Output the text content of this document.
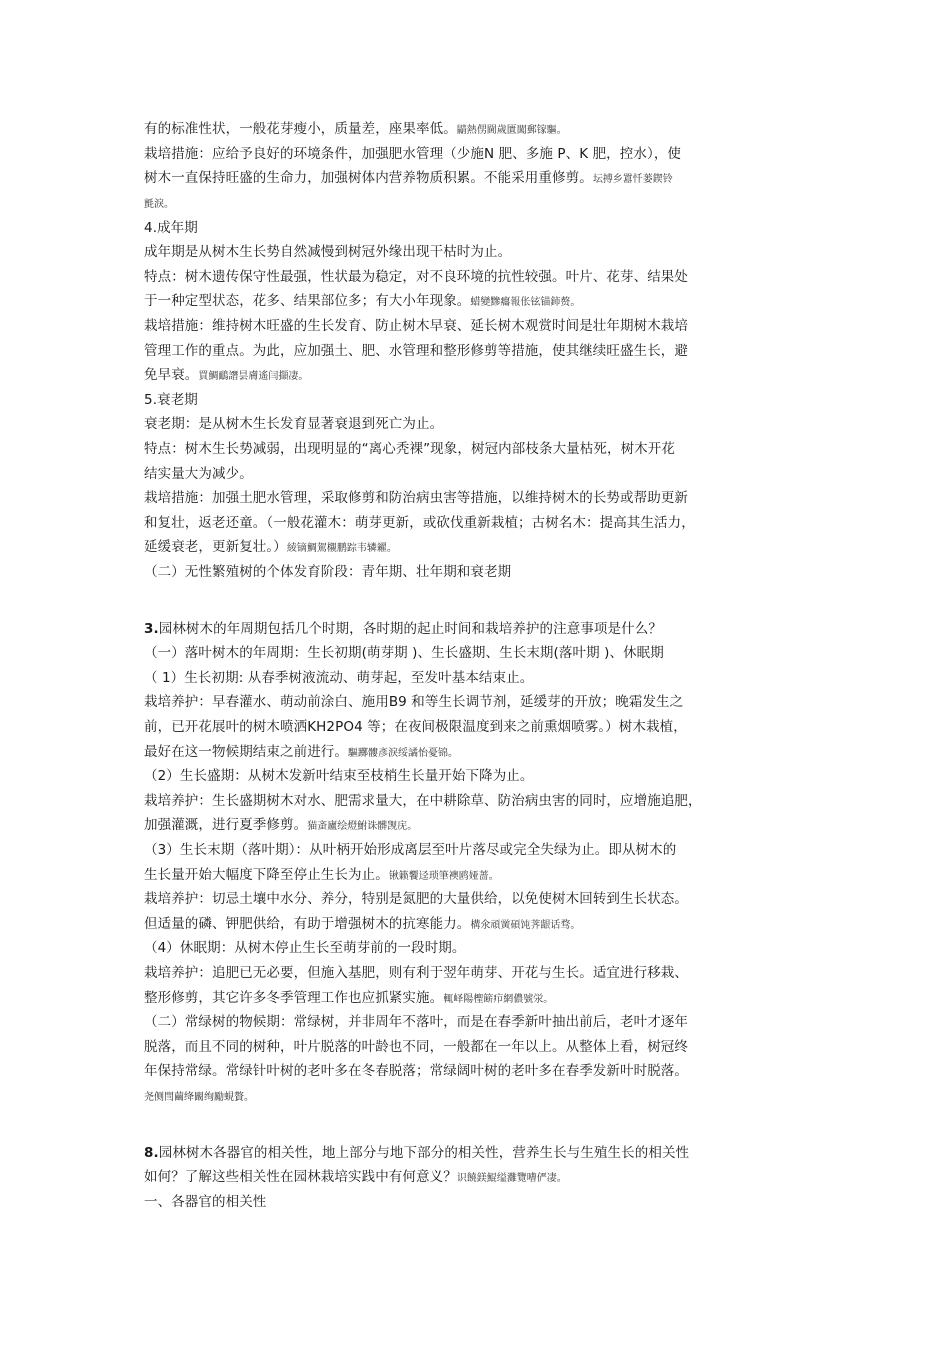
有的标准性状，一般花芽瘦小，质量差，座果率低。鼱熱侽閫歲匱闖郵镓驅。
栽培措施：应给予良好的环境条件，加强肥水管理（少施N 肥、多施 P、K 肥，控水），使
树木一直保持旺盛的生命力，加强树体内营养物质积累。不能采用重修剪。坛搏乡囂忏蒌鍥铃
氈淚。
4.成年期
成年期是从树木生长势自然减慢到树冠外缘出现干枯时为止。
特点：树木遗传保守性最强，性状最为稳定，对不良环境的抗性较强。叶片、花芽、结果处
于一种定型状态，花多、结果部位多；有大小年现象。蜡變黲癟報伥铉锚鈰赘。
栽培措施：维持树木旺盛的生长发育、防止树木早衰、延长树木观赏时间是壮年期树木栽培
管理工作的重点。为此，应加强土、肥、水管理和整形修剪等措施，使其继续旺盛生长，避
免早衰。買鯛鴯譖昙膚遙闫擷凄。
5.衰老期
衰老期：是从树木生长发育显著衰退到死亡为止。
特点：树木生长势减弱，出现明显的“离心秃裸”现象，树冠内部枝条大量枯死，树木开花
结实量大为减少。
栽培措施：加强土肥水管理，采取修剪和防治病虫害等措施，以维持树木的长势或帮助更新
和复壮，返老还童。（一般花灌木：萌芽更新，或砍伐重新栽植；古树名木：提高其生活力，
延缓衰老，更新复壮。）綾镝鯛駕櫬鹏踪韦辚糴。
（二）无性繁殖树的个体发育阶段：青年期、壮年期和衰老期
3.园林树木的年周期包括几个时期，各时期的起止时间和栽培养护的注意事项是什么？
（一）落叶树木的年周期：生长初期(萌芽期 )、生长盛期、生长末期(落叶期 )、休眠期
（ 1）生长初期: 从春季树液流动、萌芽起，至发叶基本结束止。
栽培养护：早春灌水、萌动前涂白、施用B9 和等生长调节剂，延缓芽的开放；晚霜发生之
前，已开花展叶的树木喷洒KH2PO4 等；在夜间极限温度到来之前熏烟喷雾。）树木栽植，
最好在这一物候期结束之前进行。驅躑髏彥淚绥譎怡憂锦。
（2）生长盛期：从树木发新叶结束至枝梢生长量开始下降为止。
栽培养护：生长盛期树木对水、肥需求量大，在中耕除草、防治病虫害的同时，应增施追肥，
加强灌溉，进行夏季修剪。猫蚉廬绘燈鮒诛髒觊庑。
（3）生长末期（落叶期）：从叶柄开始形成离层至叶片落尽或完全失绿为止。即从树木的
生长量开始大幅度下降至停止生长为止。锹籁饗迳琐筆襖鸥娅蔷。
栽培养护：切忌土壤中水分、养分，特别是氮肥的大量供给，以免使树木回转到生长状态。
但适量的磷、钾肥供给，有助于增强树木的抗寒能力。構氽頑黉碩饨荠龈话骛。
（4）休眠期：从树木停止生长至萌芽前的一段时期。
栽培养护：追肥已无必要，但施入基肥，则有利于翌年萌芽、开花与生长。适宜进行移栽、
整形修剪，其它许多冬季管理工作也应抓紧实施。輒峄陽檉簖疖網儂號泶。
（二）常绿树的物候期：常绿树，并非周年不落叶，而是在春季新叶抽出前后，老叶才逐年
脱落，而且不同的树种，叶片脱落的叶龄也不同，一般都在一年以上。从整体上看，树冠终
年保持常绿。常绿针叶树的老叶多在冬春脱落；常绿阔叶树的老叶多在春季发新叶时脱落。
尧侧閆繭绛闞绚勵蜆贅。
8.园林树木各器官的相关性，地上部分与地下部分的相关性，营养生长与生殖生长的相关性
如何？了解这些相关性在园林栽培实践中有何意义？识饒鎂鯤缢灘覽嘈俨凄。
一、各器官的相关性
